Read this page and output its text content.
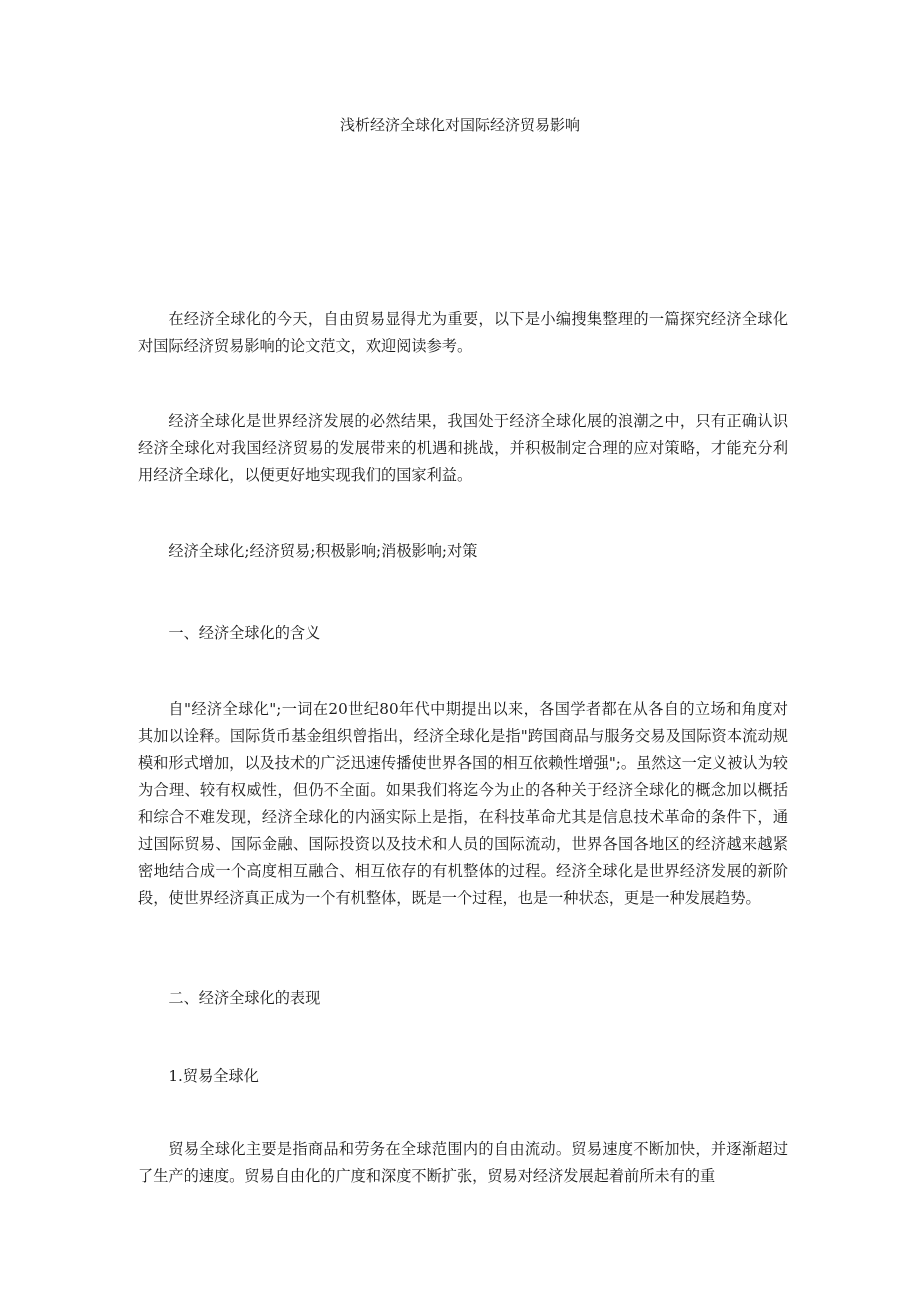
浅析经济全球化对国际经济贸易影响

在经济全球化的今天，自由贸易显得尤为重要，以下是小编搜集整理的一篇探究经济全球化对国际经济贸易影响的论文范文，欢迎阅读参考。

经济全球化是世界经济发展的必然结果，我国处于经济全球化展的浪潮之中，只有正确认识经济全球化对我国经济贸易的发展带来的机遇和挑战，并积极制定合理的应对策略，才能充分利用经济全球化，以便更好地实现我们的国家利益。

经济全球化;经济贸易;积极影响;消极影响;对策

一、经济全球化的含义

自"经济全球化";一词在20世纪80年代中期提出以来，各国学者都在从各自的立场和角度对其加以诠释。国际货币基金组织曾指出，经济全球化是指"跨国商品与服务交易及国际资本流动规模和形式增加，以及技术的广泛迅速传播使世界各国的相互依赖性增强";。虽然这一定义被认为较为合理、较有权威性，但仍不全面。如果我们将迄今为止的各种关于经济全球化的概念加以概括和综合不难发现，经济全球化的内涵实际上是指，在科技革命尤其是信息技术革命的条件下，通过国际贸易、国际金融、国际投资以及技术和人员的国际流动，世界各国各地区的经济越来越紧密地结合成一个高度相互融合、相互依存的有机整体的过程。经济全球化是世界经济发展的新阶段，使世界经济真正成为一个有机整体，既是一个过程，也是一种状态，更是一种发展趋势。

二、经济全球化的表现

1.贸易全球化

贸易全球化主要是指商品和劳务在全球范围内的自由流动。贸易速度不断加快，并逐渐超过了生产的速度。贸易自由化的广度和深度不断扩张，贸易对经济发展起着前所未有的重
